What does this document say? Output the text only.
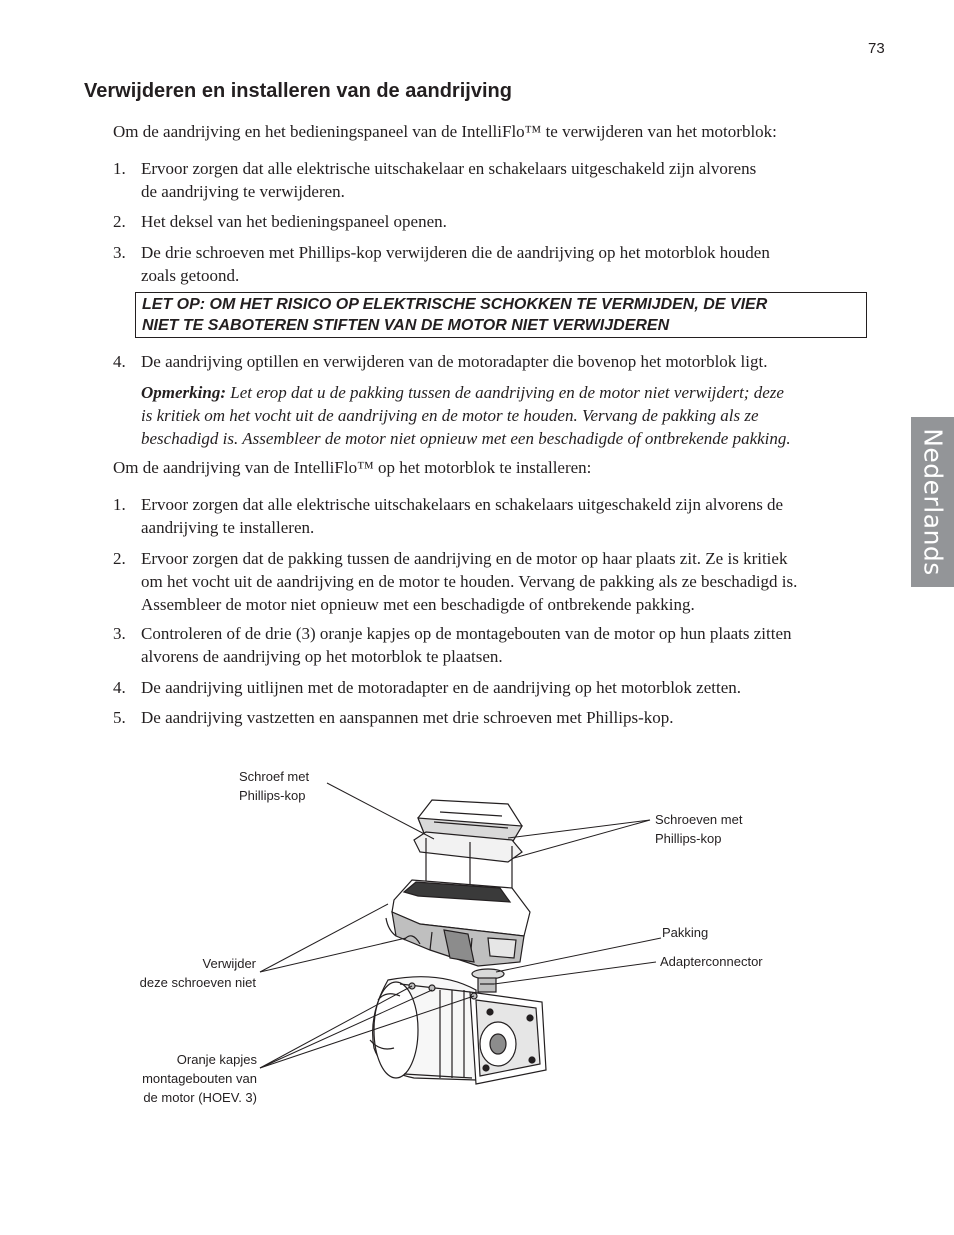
73
Nederlands
Verwijderen en installeren van de aandrijving

Om de aandrijving en het bedieningspaneel van de IntelliFlo™ te verwijderen van het motorblok:

1. Ervoor zorgen dat alle elektrische uitschakelaar en schakelaars uitgeschakeld zijn alvorens
de aandrijving te verwijderen.
2. Het deksel van het bedieningspaneel openen.
3. De drie schroeven met Phillips-kop verwijderen die de aandrijving op het motorblok houden
zoals getoond.
LET OP: OM HET RISICO OP ELEKTRISCHE SCHOKKEN TE VERMIJDEN, DE VIER
NIET TE SABOTEREN STIFTEN VAN DE MOTOR NIET VERWIJDEREN
4. De aandrijving optillen en verwijderen van de motoradapter die bovenop het motorblok ligt.
Opmerking: Let erop dat u de pakking tussen de aandrijving en de motor niet verwijdert; deze
is kritiek om het vocht uit de aandrijving en de motor te houden. Vervang de pakking als ze
beschadigd is. Assembleer de motor niet opnieuw met een beschadigde of ontbrekende pakking.

Om de aandrijving van de IntelliFlo™ op het motorblok te installeren:

1. Ervoor zorgen dat alle elektrische uitschakelaars en schakelaars uitgeschakeld zijn alvorens de
aandrijving te installeren.
2. Ervoor zorgen dat de pakking tussen de aandrijving en de motor op haar plaats zit. Ze is kritiek
om het vocht uit de aandrijving en de motor te houden. Vervang de pakking als ze beschadigd is.
Assembleer de motor niet opnieuw met een beschadigde of ontbrekende pakking.
3. Controleren of de drie (3) oranje kapjes op de montagebouten van de motor op hun plaats zitten
alvorens de aandrijving op het motorblok te plaatsen.
4. De aandrijving uitlijnen met de motoradapter en de aandrijving op het motorblok zetten.
5. De aandrijving vastzetten en aanspannen met drie schroeven met Phillips-kop.
Schroef met
Phillips-kop
Schroeven met
Phillips-kop
Pakking
Adapterconnector
Verwijder
deze schroeven niet
Oranje kapjes
montagebouten van
de motor (HOEV. 3)
